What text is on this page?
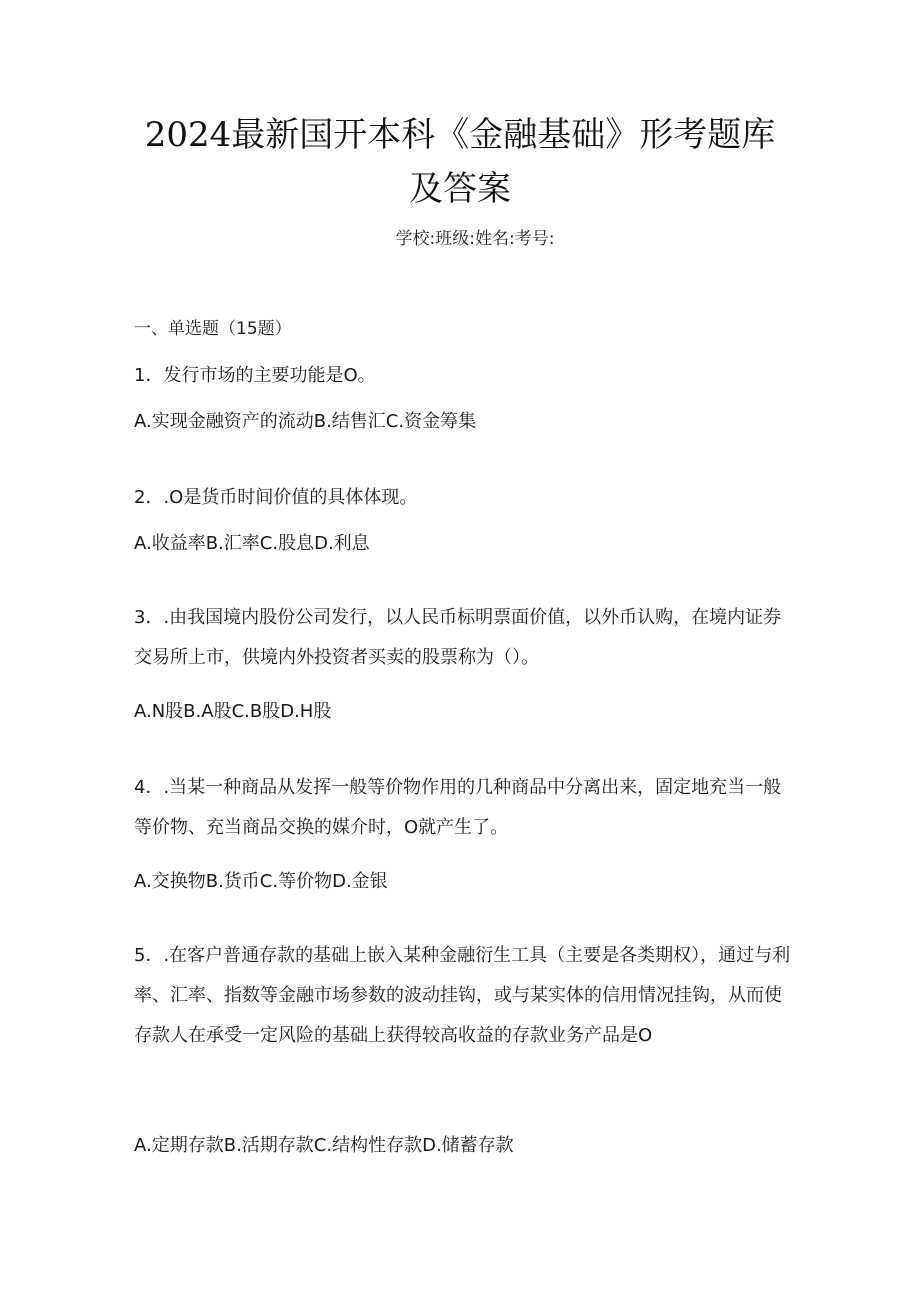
2024最新国开本科《金融基础》形考题库及答案
学校:班级:姓名:考号:
一、单选题（15题）
1．发行市场的主要功能是O。
A.实现金融资产的流动B.结售汇C.资金筹集
2．.O是货币时间价值的具体体现。
A.收益率B.汇率C.股息D.利息
3．.由我国境内股份公司发行，以人民币标明票面价值，以外币认购，在境内证券交易所上市，供境内外投资者买卖的股票称为（）。
A.N股B.A股C.B股D.H股
4．.当某一种商品从发挥一般等价物作用的几种商品中分离出来，固定地充当一般等价物、充当商品交换的媒介时，O就产生了。
A.交换物B.货币C.等价物D.金银
5．.在客户普通存款的基础上嵌入某种金融衍生工具（主要是各类期权），通过与利率、汇率、指数等金融市场参数的波动挂钩，或与某实体的信用情况挂钩，从而使存款人在承受一定风险的基础上获得较高收益的存款业务产品是O
A.定期存款B.活期存款C.结构性存款D.储蓄存款
